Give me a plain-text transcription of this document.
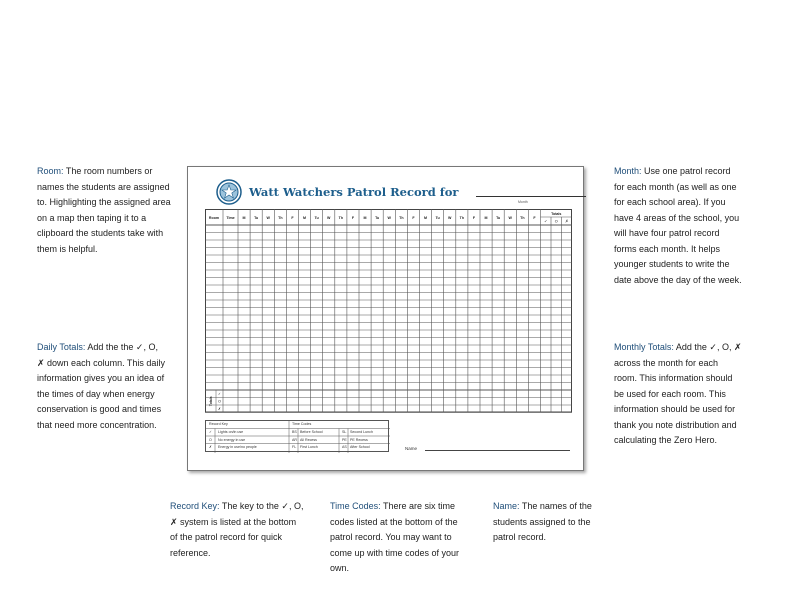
Room: The room numbers or names the students are assigned to. Highlighting the assigned area on a map then taping it to a clipboard the students take with them is helpful.
Daily Totals: Add the the ✓, O, ✗ down each column. This daily information gives you an idea of the times of day when energy conservation is good and times that need more concentration.
Month: Use one patrol record for each month (as well as one for each school area). If you have 4 areas of the school, you will have four patrol record forms each month. It helps younger students to write the date above the day of the week.
Monthly Totals: Add the ✓, O, ✗ across the month for each room. This information should be used for each room. This information should be used for thank you note distribution and calculating the Zero Hero.
Record Key: The key to the ✓, O, ✗ system is listed at the bottom of the patrol record for quick reference.
Time Codes: There are six time codes listed at the bottom of the patrol record. You may want to come up with time codes of your own.
Name: The names of the students assigned to the patrol record.
Watt Watchers Patrol Record for
Month
Room Time M Tu W Th F	M Tu W Th F	M Tu W Th F	M Tu W Th F	M Tu W Th F
Totals
✓ O ✗
Totals
✓
O
✗
Record Key
✓ Lights on/in use
O No energy in use
✗ Energy in use/no people
Time Codes
BS Before School	SL Second Lunch
AR All Recess	PE PE Recess
FL First Lunch	AS After School	Name
